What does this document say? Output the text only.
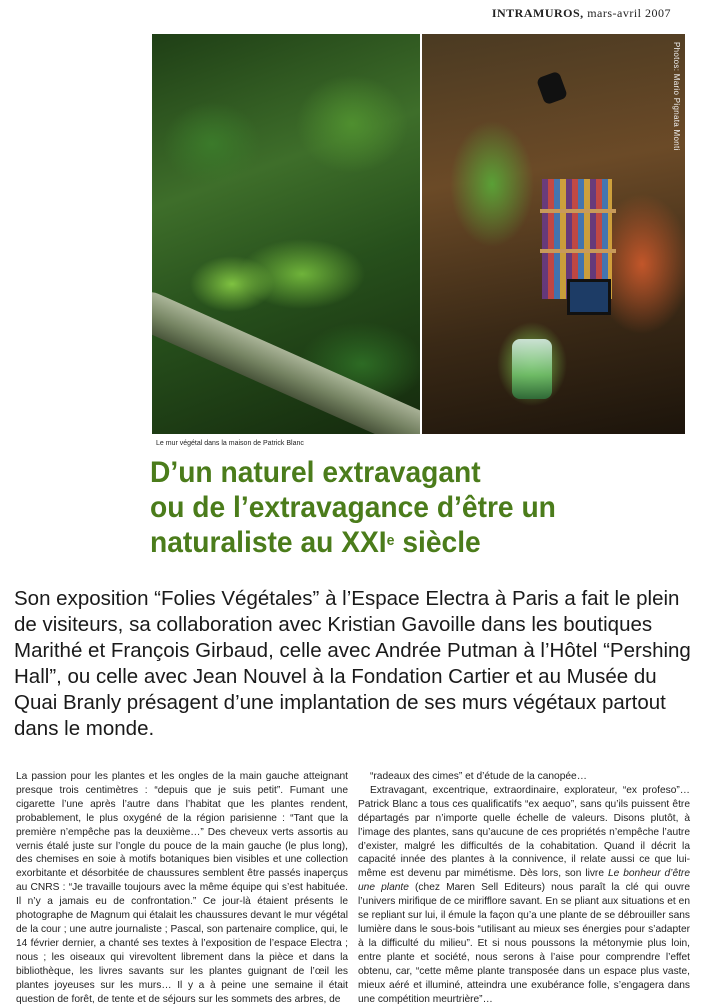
INTRAMUROS, mars-avril 2007
Photos: Mario Pignata Monti
Le mur végétal dans la maison de Patrick Blanc
D’un naturel extravagant
ou de l’extravagance d’être un
naturaliste au XXIe siècle

Son exposition “Folies Végétales” à l’Espace Electra à Paris a fait le plein de visiteurs, sa collaboration avec Kristian Gavoille dans les boutiques Marithé et François Girbaud, celle avec Andrée Putman à l’Hôtel “Pershing Hall”, ou celle avec Jean Nouvel à la Fondation Cartier et au Musée du Quai Branly présagent d’une implantation de ses murs végétaux partout dans le monde.

La passion pour les plantes et les ongles de la main gauche atteignant presque trois centimètres : “depuis que je suis petit”. Fumant une cigarette l’une après l’autre dans l’habitat que les plantes rendent, probablement, le plus oxygéné de la région parisienne : “Tant que la première n’empêche pas la deuxième…” Des cheveux verts assortis au vernis étalé juste sur l’ongle du pouce de la main gauche (le plus long), des chemises en soie à motifs botaniques bien visibles et une collection exorbitante et désorbitée de chaussures semblent être passés inaperçus au CNRS : “Je travaille toujours avec la même équipe qui s’est habituée. Il n’y a jamais eu de confrontation.” Ce jour-là étaient présents le photographe de Magnum qui étalait les chaussures devant le mur végétal de la cour ; une autre journaliste ; Pascal, son partenaire complice, qui, le 14 février dernier, a chanté ses textes à l’exposition de l’espace Electra ; nous ; les oiseaux qui virevoltent librement dans la pièce et dans la bibliothèque, les livres savants sur les plantes guignant de l’œil les plantes joyeuses sur les murs… Il y a à peine une semaine il était question de forêt, de tente et de séjours sur les sommets des arbres, de
“radeaux des cimes” et d’étude de la canopée…
Extravagant, excentrique, extraordinaire, explorateur, “ex profeso”… Patrick Blanc a tous ces qualificatifs “ex aequo”, sans qu’ils puissent être départagés par n’importe quelle échelle de valeurs. Disons plutôt, à l’image des plantes, sans qu’aucune de ces propriétés n’empêche l’autre d’exister, malgré les difficultés de la cohabitation. Quand il décrit la capacité innée des plantes à la connivence, il relate aussi ce que lui-même est devenu par mimétisme. Dès lors, son livre Le bonheur d’être une plante (chez Maren Sell Editeurs) nous paraît la clé qui ouvre l’univers mirifique de ce mirifflore savant. En se pliant aux situations et en se repliant sur lui, il émule la façon qu’a une plante de se débrouiller sans lumière dans le sous-bois “utilisant au mieux ses énergies pour s’adapter à la difficulté du milieu”. Et si nous poussons la métonymie plus loin, entre plante et société, nous serons à l’aise pour comprendre l’effet obtenu, car, “cette même plante transposée dans un espace plus vaste, mieux aéré et illuminé, atteindra une exubérance folle, s’engagera dans une compétition meurtrière”…
